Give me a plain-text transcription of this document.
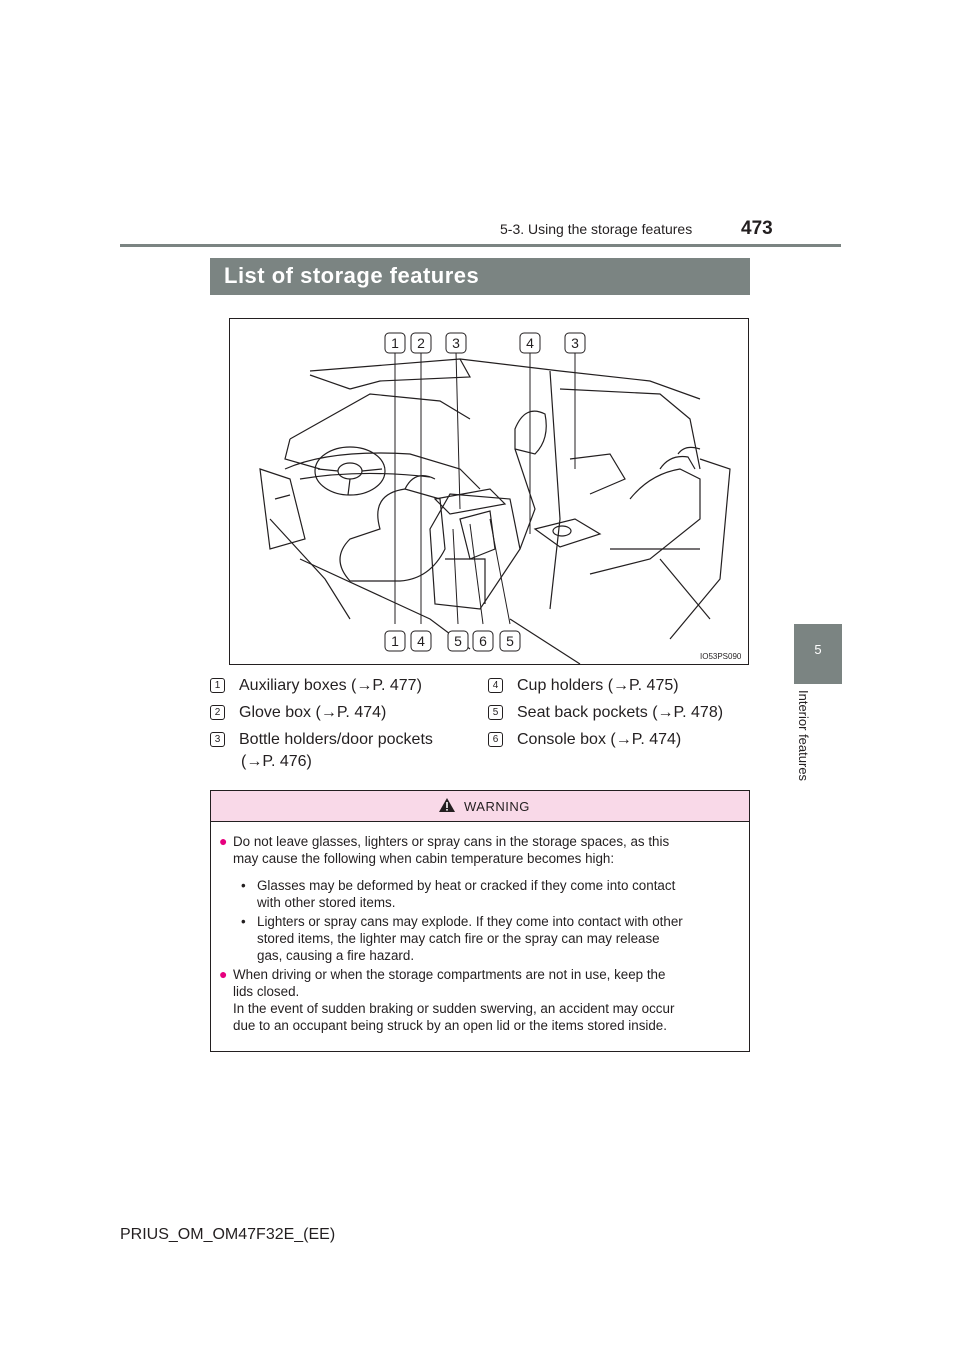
5-3. Using the storage features	473
5
Interior features
List of storage features
1 2 3	4	3
1 4 5 6 5
IO53PS090
1 Auxiliary boxes (→P. 477)
2 Glove box (→P. 474)
3 Bottle holders/door pockets
(→P. 476)
4 Cup holders (→P. 475)
5 Seat back pockets (→P. 478)
6 Console box (→P. 474)
WARNING
● Do not leave glasses, lighters or spray cans in the storage spaces, as this
may cause the following when cabin temperature becomes high:
• Glasses may be deformed by heat or cracked if they come into contact
with other stored items.
• Lighters or spray cans may explode. If they come into contact with other
stored items, the lighter may catch fire or the spray can may release
gas, causing a fire hazard.
● When driving or when the storage compartments are not in use, keep the
lids closed.
In the event of sudden braking or sudden swerving, an accident may occur
due to an occupant being struck by an open lid or the items stored inside.
PRIUS_OM_OM47F32E_(EE)
